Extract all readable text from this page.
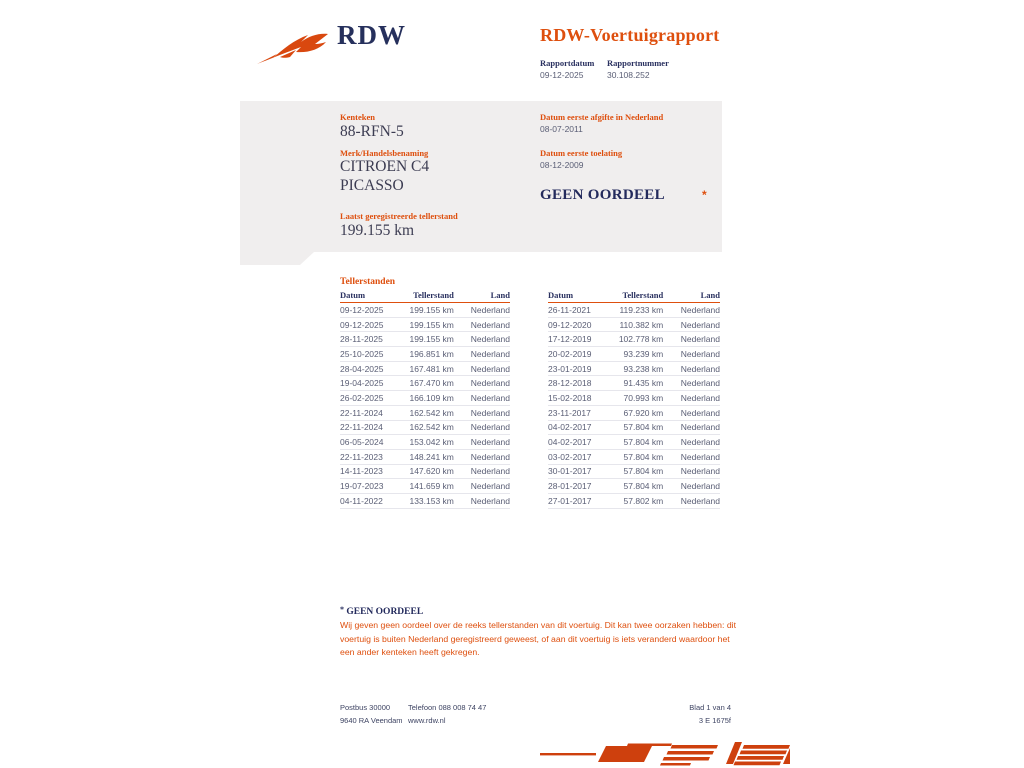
RDW	RDW-Voertuigrapport
Rapportdatum Rapportnummer
09-12-2025	30.108.252
Kenteken
88-RFN-5
Merk/Handelsbenaming
CITROEN C4 PICASSO
Laatst geregistreerde tellerstand
199.155 km
Datum eerste afgifte in Nederland
08-07-2011
Datum eerste toelating
08-12-2009
GEEN OORDEEL	*
Tellerstanden
Datum	Tellerstand	Land
09-12-2025	199.155 km	Nederland
09-12-2025	199.155 km	Nederland
28-11-2025	199.155 km	Nederland
25-10-2025	196.851 km	Nederland
28-04-2025	167.481 km	Nederland
19-04-2025	167.470 km	Nederland
26-02-2025	166.109 km	Nederland
22-11-2024	162.542 km	Nederland
22-11-2024	162.542 km	Nederland
06-05-2024	153.042 km	Nederland
22-11-2023	148.241 km	Nederland
14-11-2023	147.620 km	Nederland
19-07-2023	141.659 km	Nederland
04-11-2022	133.153 km	Nederland
Datum	Tellerstand	Land
26-11-2021	119.233 km	Nederland
09-12-2020	110.382 km	Nederland
17-12-2019	102.778 km	Nederland
20-02-2019	93.239 km	Nederland
23-01-2019	93.238 km	Nederland
28-12-2018	91.435 km	Nederland
15-02-2018	70.993 km	Nederland
23-11-2017	67.920 km	Nederland
04-02-2017	57.804 km	Nederland
04-02-2017	57.804 km	Nederland
03-02-2017	57.804 km	Nederland
30-01-2017	57.804 km	Nederland
28-01-2017	57.804 km	Nederland
27-01-2017	57.802 km	Nederland
* GEEN OORDEEL
Wij geven geen oordeel over de reeks tellerstanden van dit voertuig. Dit kan twee oorzaken hebben: dit voertuig is buiten Nederland geregistreerd geweest, of aan dit voertuig is iets veranderd waardoor het een ander kenteken heeft gekregen.
Postbus 30000
9640 RA Veendam
Telefoon 088 008 74 47
www.rdw.nl
Blad 1 van 4
3 E 1675f
